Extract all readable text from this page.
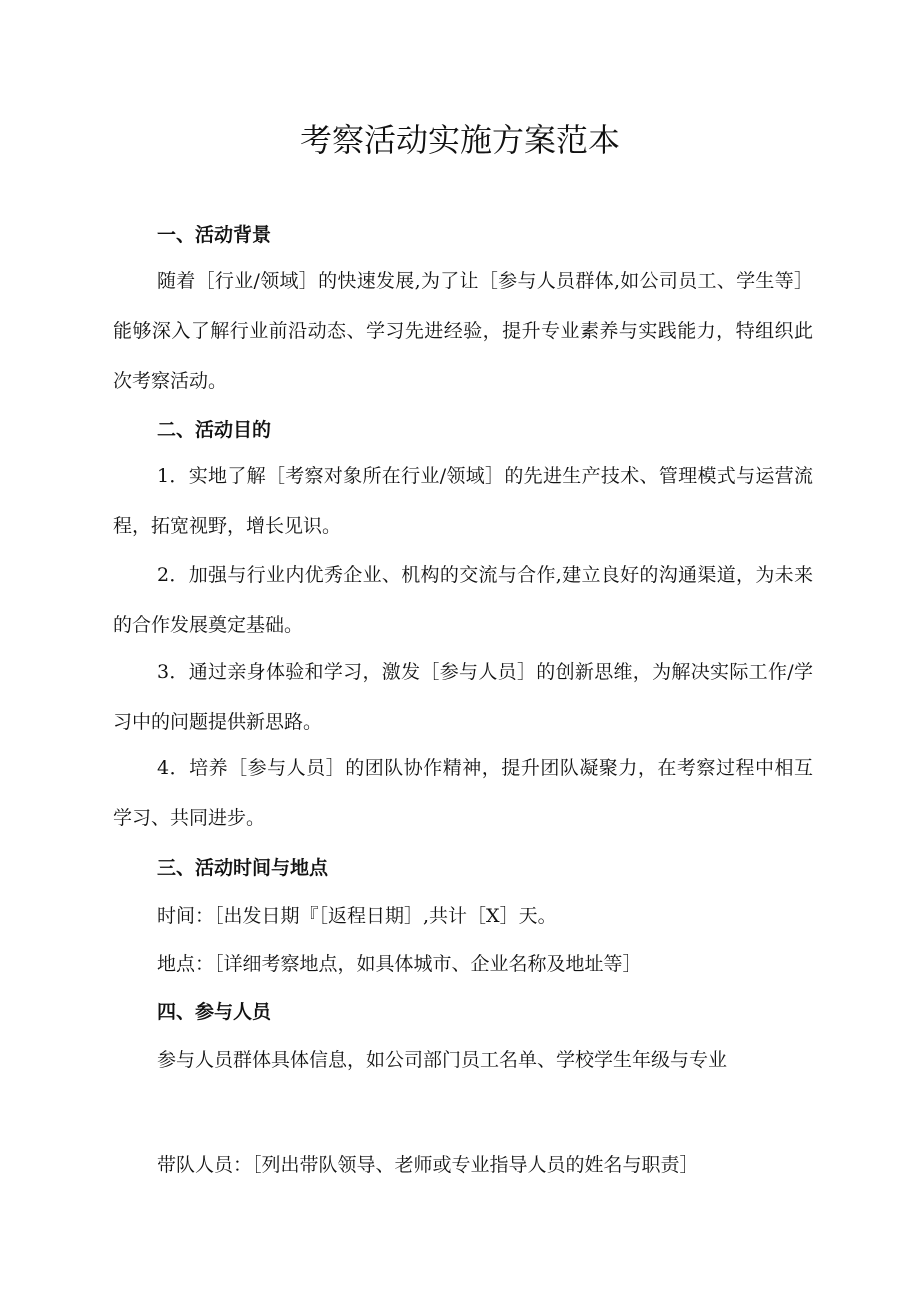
考察活动实施方案范本
一、活动背景
随着［行业/领域］的快速发展,为了让［参与人员群体,如公司员工、学生等］能够深入了解行业前沿动态、学习先进经验，提升专业素养与实践能力，特组织此次考察活动。
二、活动目的
1．实地了解［考察对象所在行业/领域］的先进生产技术、管理模式与运营流程，拓宽视野，增长见识。
2．加强与行业内优秀企业、机构的交流与合作,建立良好的沟通渠道，为未来的合作发展奠定基础。
3．通过亲身体验和学习，激发［参与人员］的创新思维，为解决实际工作/学习中的问题提供新思路。
4．培养［参与人员］的团队协作精神，提升团队凝聚力，在考察过程中相互学习、共同进步。
三、活动时间与地点
时间：［出发日期『［返程日期］,共计［X］天。
地点：［详细考察地点，如具体城市、企业名称及地址等］
四、参与人员
参与人员群体具体信息，如公司部门员工名单、学校学生年级与专业
带队人员：［列出带队领导、老师或专业指导人员的姓名与职责］
